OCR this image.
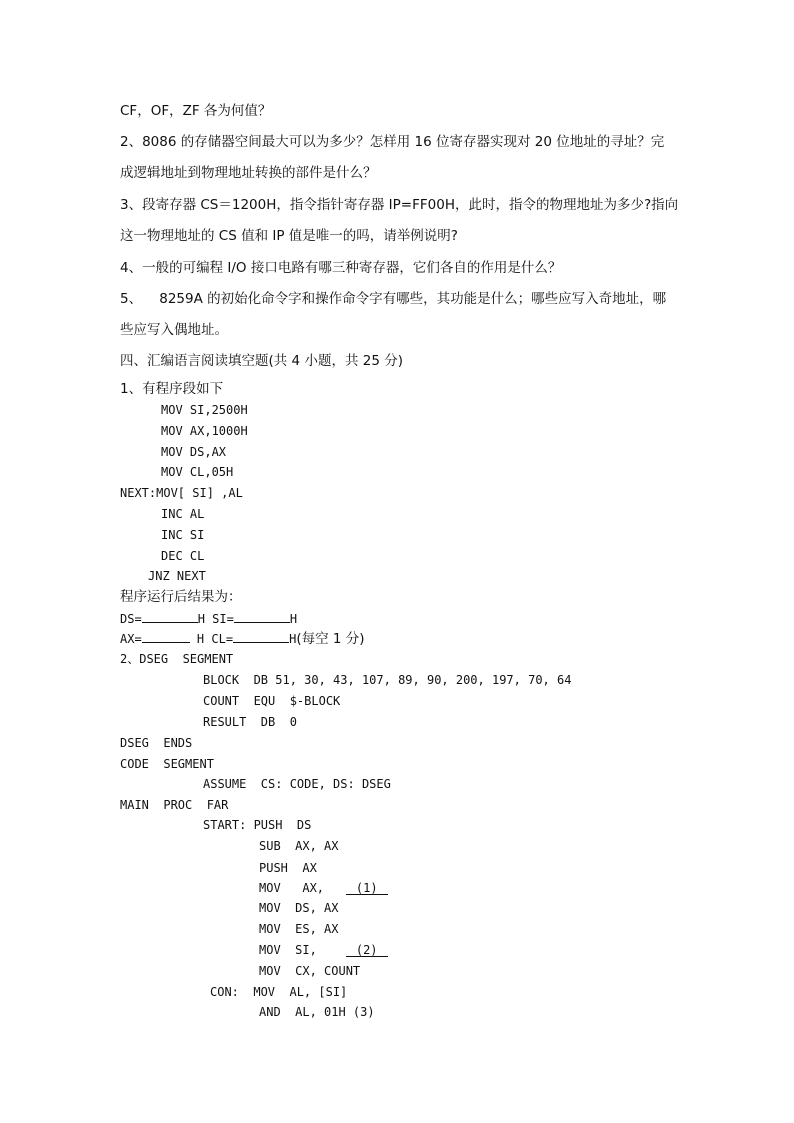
CF，OF，ZF 各为何值？
2、8086 的存储器空间最大可以为多少？怎样用 16 位寄存器实现对 20 位地址的寻址？完
成逻辑地址到物理地址转换的部件是什么？
3、段寄存器 CS＝1200H，指令指针寄存器 IP=FF00H，此时，指令的物理地址为多少?指向
这一物理地址的 CS 值和 IP 值是唯一的吗，请举例说明?
4、一般的可编程 I/O 接口电路有哪三种寄存器，它们各自的作用是什么？
5、    8259A 的初始化命令字和操作命令字有哪些，其功能是什么；哪些应写入奇地址，哪
些应写入偶地址。
四、汇编语言阅读填空题(共 4 小题，共 25 分)
1、有程序段如下
MOV SI,2500H
MOV AX,1000H
MOV DS,AX
MOV CL,05H
NEXT:MOV[ SI] ,AL
INC AL
INC SI
DEC CL
JNZ NEXT
程序运行后结果为：
DS=	H SI=	H
AX=	H CL=	H(每空 1 分)
2、DSEG  SEGMENT
BLOCK  DB 51, 30, 43, 107, 89, 90, 200, 197, 70, 64
COUNT  EQU  $-BLOCK
RESULT  DB  0
DSEG  ENDS
CODE  SEGMENT
ASSUME  CS: CODE, DS: DSEG
MAIN  PROC  FAR
START: PUSH  DS
SUB  AX, AX
PUSH  AX
MOV   AX,	(1)
MOV  DS, AX
MOV  ES, AX
MOV  SI,	(2)
MOV  CX, COUNT
CON:  MOV  AL, [SI]
AND  AL, 01H (3)
